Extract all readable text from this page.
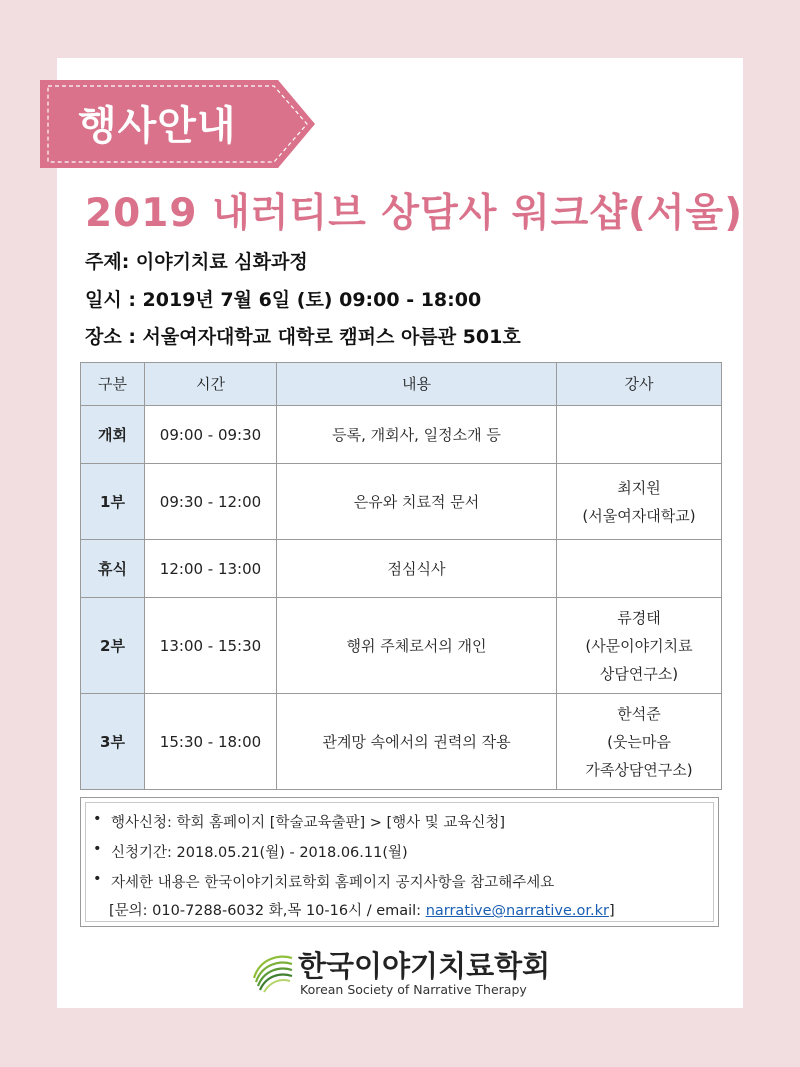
행사안내
2019 내러티브 상담사 워크샵(서울)
주제: 이야기치료 심화과정
일시 : 2019년 7월 6일 (토) 09:00 - 18:00
장소 : 서울여자대학교 대학로 캠퍼스 아름관 501호
구분	시간	내용	강사
개회	09:00 - 09:30	등록, 개회사, 일정소개 등	
1부	09:30 - 12:00	은유와 치료적 문서	최지원
(서울여자대학교)

휴식	12:00 - 13:00	점심식사	
2부	13:00 - 15:30	행위 주체로서의 개인	류경태
(사문이야기치료
상담연구소)

3부	15:30 - 18:00	관계망 속에서의 권력의 작용	한석준
(웃는마음
가족상담연구소)
• 행사신청: 학회 홈페이지 [학술교육출판] > [행사 및 교육신청]
• 신청기간: 2018.05.21(월) - 2018.06.11(월)
• 자세한 내용은 한국이야기치료학회 홈페이지 공지사항을 참고해주세요
[문의: 010-7288-6032 화,목 10-16시 / email: narrative@narrative.or.kr]
한국이야기치료학회
Korean Society of Narrative Therapy
